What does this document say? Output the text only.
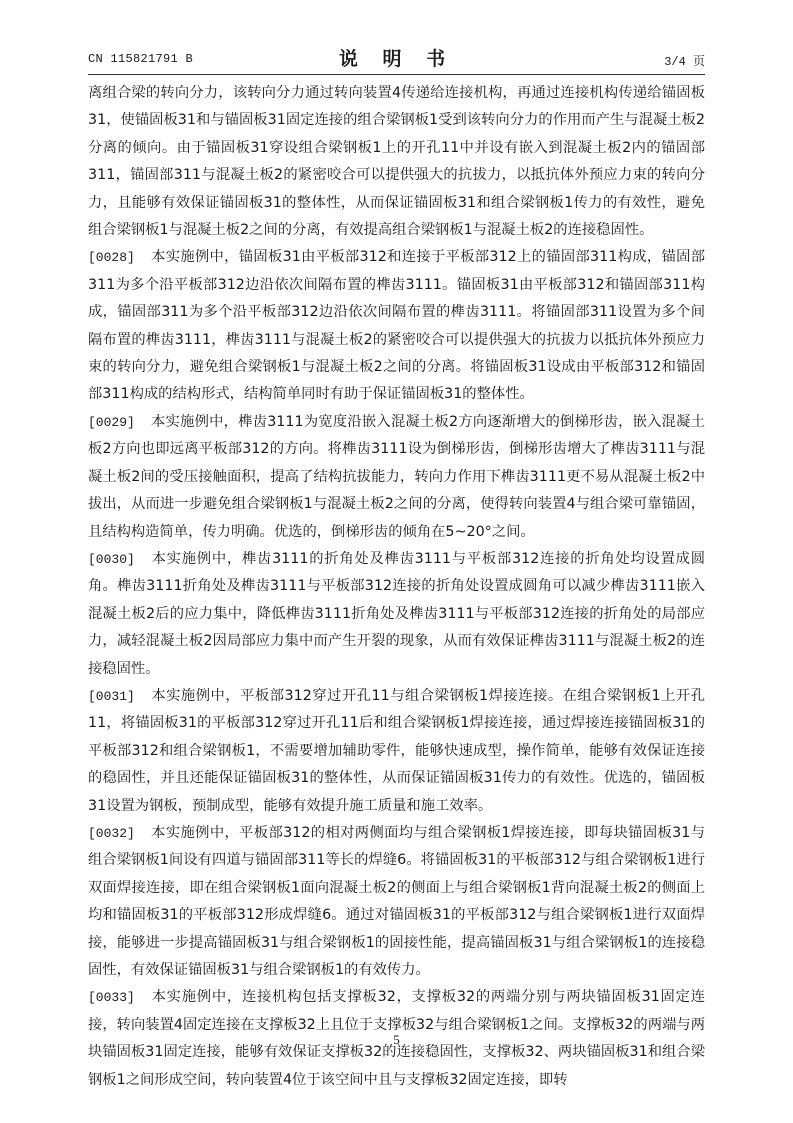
CN 115821791 B	说 明 书	3/4 页

离组合梁的转向分力，该转向分力通过转向装置4传递给连接机构，再通过连接机构传递给锚固板31，使锚固板31和与锚固板31固定连接的组合梁钢板1受到该转向分力的作用而产生与混凝土板2分离的倾向。由于锚固板31穿设组合梁钢板1上的开孔11中并设有嵌入到混凝土板2内的锚固部311，锚固部311与混凝土板2的紧密咬合可以提供强大的抗拔力，以抵抗体外预应力束的转向分力，且能够有效保证锚固板31的整体性，从而保证锚固板31和组合梁钢板1传力的有效性，避免组合梁钢板1与混凝土板2之间的分离，有效提高组合梁钢板1与混凝土板2的连接稳固性。

[0028] 本实施例中，锚固板31由平板部312和连接于平板部312上的锚固部311构成，锚固部311为多个沿平板部312边沿依次间隔布置的榫齿3111。锚固板31由平板部312和锚固部311构成，锚固部311为多个沿平板部312边沿依次间隔布置的榫齿3111。将锚固部311设置为多个间隔布置的榫齿3111，榫齿3111与混凝土板2的紧密咬合可以提供强大的抗拔力以抵抗体外预应力束的转向分力，避免组合梁钢板1与混凝土板2之间的分离。将锚固板31设成由平板部312和锚固部311构成的结构形式，结构简单同时有助于保证锚固板31的整体性。

[0029] 本实施例中，榫齿3111为宽度沿嵌入混凝土板2方向逐渐增大的倒梯形齿，嵌入混凝土板2方向也即远离平板部312的方向。将榫齿3111设为倒梯形齿，倒梯形齿增大了榫齿3111与混凝土板2间的受压接触面积，提高了结构抗拔能力，转向力作用下榫齿3111更不易从混凝土板2中拔出，从而进一步避免组合梁钢板1与混凝土板2之间的分离，使得转向装置4与组合梁可靠锚固，且结构构造简单，传力明确。优选的，倒梯形齿的倾角在5~20°之间。

[0030] 本实施例中，榫齿3111的折角处及榫齿3111与平板部312连接的折角处均设置成圆角。榫齿3111折角处及榫齿3111与平板部312连接的折角处设置成圆角可以减少榫齿3111嵌入混凝土板2后的应力集中，降低榫齿3111折角处及榫齿3111与平板部312连接的折角处的局部应力，减轻混凝土板2因局部应力集中而产生开裂的现象，从而有效保证榫齿3111与混凝土板2的连接稳固性。

[0031] 本实施例中，平板部312穿过开孔11与组合梁钢板1焊接连接。在组合梁钢板1上开孔11，将锚固板31的平板部312穿过开孔11后和组合梁钢板1焊接连接，通过焊接连接锚固板31的平板部312和组合梁钢板1，不需要增加辅助零件，能够快速成型，操作简单，能够有效保证连接的稳固性，并且还能保证锚固板31的整体性，从而保证锚固板31传力的有效性。优选的，锚固板31设置为钢板，预制成型，能够有效提升施工质量和施工效率。

[0032] 本实施例中，平板部312的相对两侧面均与组合梁钢板1焊接连接，即每块锚固板31与组合梁钢板1间设有四道与锚固部311等长的焊缝6。将锚固板31的平板部312与组合梁钢板1进行双面焊接连接，即在组合梁钢板1面向混凝土板2的侧面上与组合梁钢板1背向混凝土板2的侧面上均和锚固板31的平板部312形成焊缝6。通过对锚固板31的平板部312与组合梁钢板1进行双面焊接，能够进一步提高锚固板31与组合梁钢板1的固接性能，提高锚固板31与组合梁钢板1的连接稳固性，有效保证锚固板31与组合梁钢板1的有效传力。

[0033] 本实施例中，连接机构包括支撑板32，支撑板32的两端分别与两块锚固板31固定连接，转向装置4固定连接在支撑板32上且位于支撑板32与组合梁钢板1之间。支撑板32的两端与两块锚固板31固定连接，能够有效保证支撑板32的连接稳固性，支撑板32、两块锚固板31和组合梁钢板1之间形成空间，转向装置4位于该空间中且与支撑板32固定连接，即转

5
